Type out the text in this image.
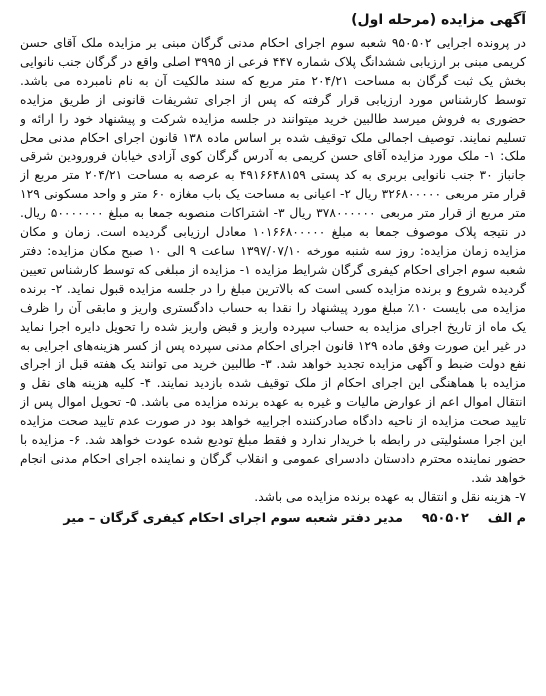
آگهی مزایده (مرحله اول)
در پرونده اجرایی ۹۵۰۵۰۲ شعبه سوم اجرای احکام مدنی گرگان مبنی بر مزایده ملک آقای حسن کریمی مبنی بر ارزیابی ششدانگ پلاک شماره ۴۴۷ فرعی از ۳۹۹۵ اصلی واقع در گرگان جنب نانوایی بخش یک ثبت گرگان به مساحت ۲۰۴/۲۱ متر مربع که سند مالکیت آن به نام نامبرده می باشد. توسط کارشناس مورد ارزیابی قرار گرفته که پس از اجرای تشریفات قانونی از طریق مزایده حضوری به فروش میرسد طالبین خرید میتوانند در جلسه مزایده شرکت و پیشنهاد خود را ارائه و تسلیم نمایند. توصیف اجمالی ملک توقیف شده بر اساس ماده ۱۳۸ قانون اجرای احکام مدنی محل ملک: ۱- ملک مورد مزایده آقای حسن کریمی به آدرس گرگان کوی آزادی خیابان فرورودین شرقی جانباز ۳۰ جنب نانوایی بربری به کد پستی ۴۹۱۶۶۴۸۱۵۹ به عرصه به مساحت ۲۰۴/۲۱ متر مربع از قرار متر مربعی ۳۲۶۸۰۰۰۰۰ ریال ۲- اعیانی به مساحت یک باب مغازه ۶۰ متر و واحد مسکونی ۱۲۹ متر مربع از قرار متر مربعی ۳۷۸۰۰۰۰۰۰ ریال ۳- اشتراکات منصوبه جمعا به مبلغ ۵۰۰۰۰۰۰۰ ریال. در نتیجه پلاک موصوف جمعا به مبلغ ۱۰۱۶۶۸۰۰۰۰۰ معادل ارزیابی گردیده است. زمان و مکان مزایده زمان مزایده: روز سه شنبه مورخه ۱۳۹۷/۰۷/۱۰ ساعت ۹ الی ۱۰ صبح مکان مزایده: دفتر شعبه سوم اجرای احکام کیفری گرگان شرایط مزایده ۱- مزایده از مبلغی که توسط کارشناس تعیین گردیده شروع و برنده مزایده کسی است که بالاترین مبلغ را در جلسه مزایده قبول نماید. ۲- برنده مزایده می بایست ۱۰٪ مبلغ مورد پیشنهاد را نقدا به حساب دادگستری واریز و مابقی آن را ظرف یک ماه از تاریخ اجرای مزایده به حساب سپرده واریز و قبض واریز شده را تحویل دایره اجرا نماید در غیر این صورت وفق ماده ۱۲۹ قانون اجرای احکام مدنی سپرده پس از کسر هزینه‌های اجرایی به نفع دولت ضبط و آگهی مزایده تجدید خواهد شد. ۳- طالبین خرید می توانند یک هفته قبل از اجرای مزایده با هماهنگی این اجرای احکام از ملک توقیف شده بازدید نمایند. ۴- کلیه هزینه های نقل و انتقال اموال اعم از عوارض مالیات و غیره به عهده برنده مزایده می باشد. ۵- تحویل اموال پس از تایید صحت مزایده از ناحیه دادگاه صادرکننده اجراییه خواهد بود در صورت عدم تایید صحت مزایده این اجرا مسئولیتی در رابطه با خریدار ندارد و فقط مبلغ تودیع شده عودت خواهد شد. ۶- مزایده با حضور نماینده محترم دادستان دادسرای عمومی و انقلاب گرگان و نماینده اجرای احکام مدنی انجام خواهد شد.
۷- هزینه نقل و انتقال به عهده برنده مزایده می باشد.
م الف  ۹۵۰۵۰۲  مدیر دفتر شعبه سوم اجرای احکام کیفری گرگان – میر
